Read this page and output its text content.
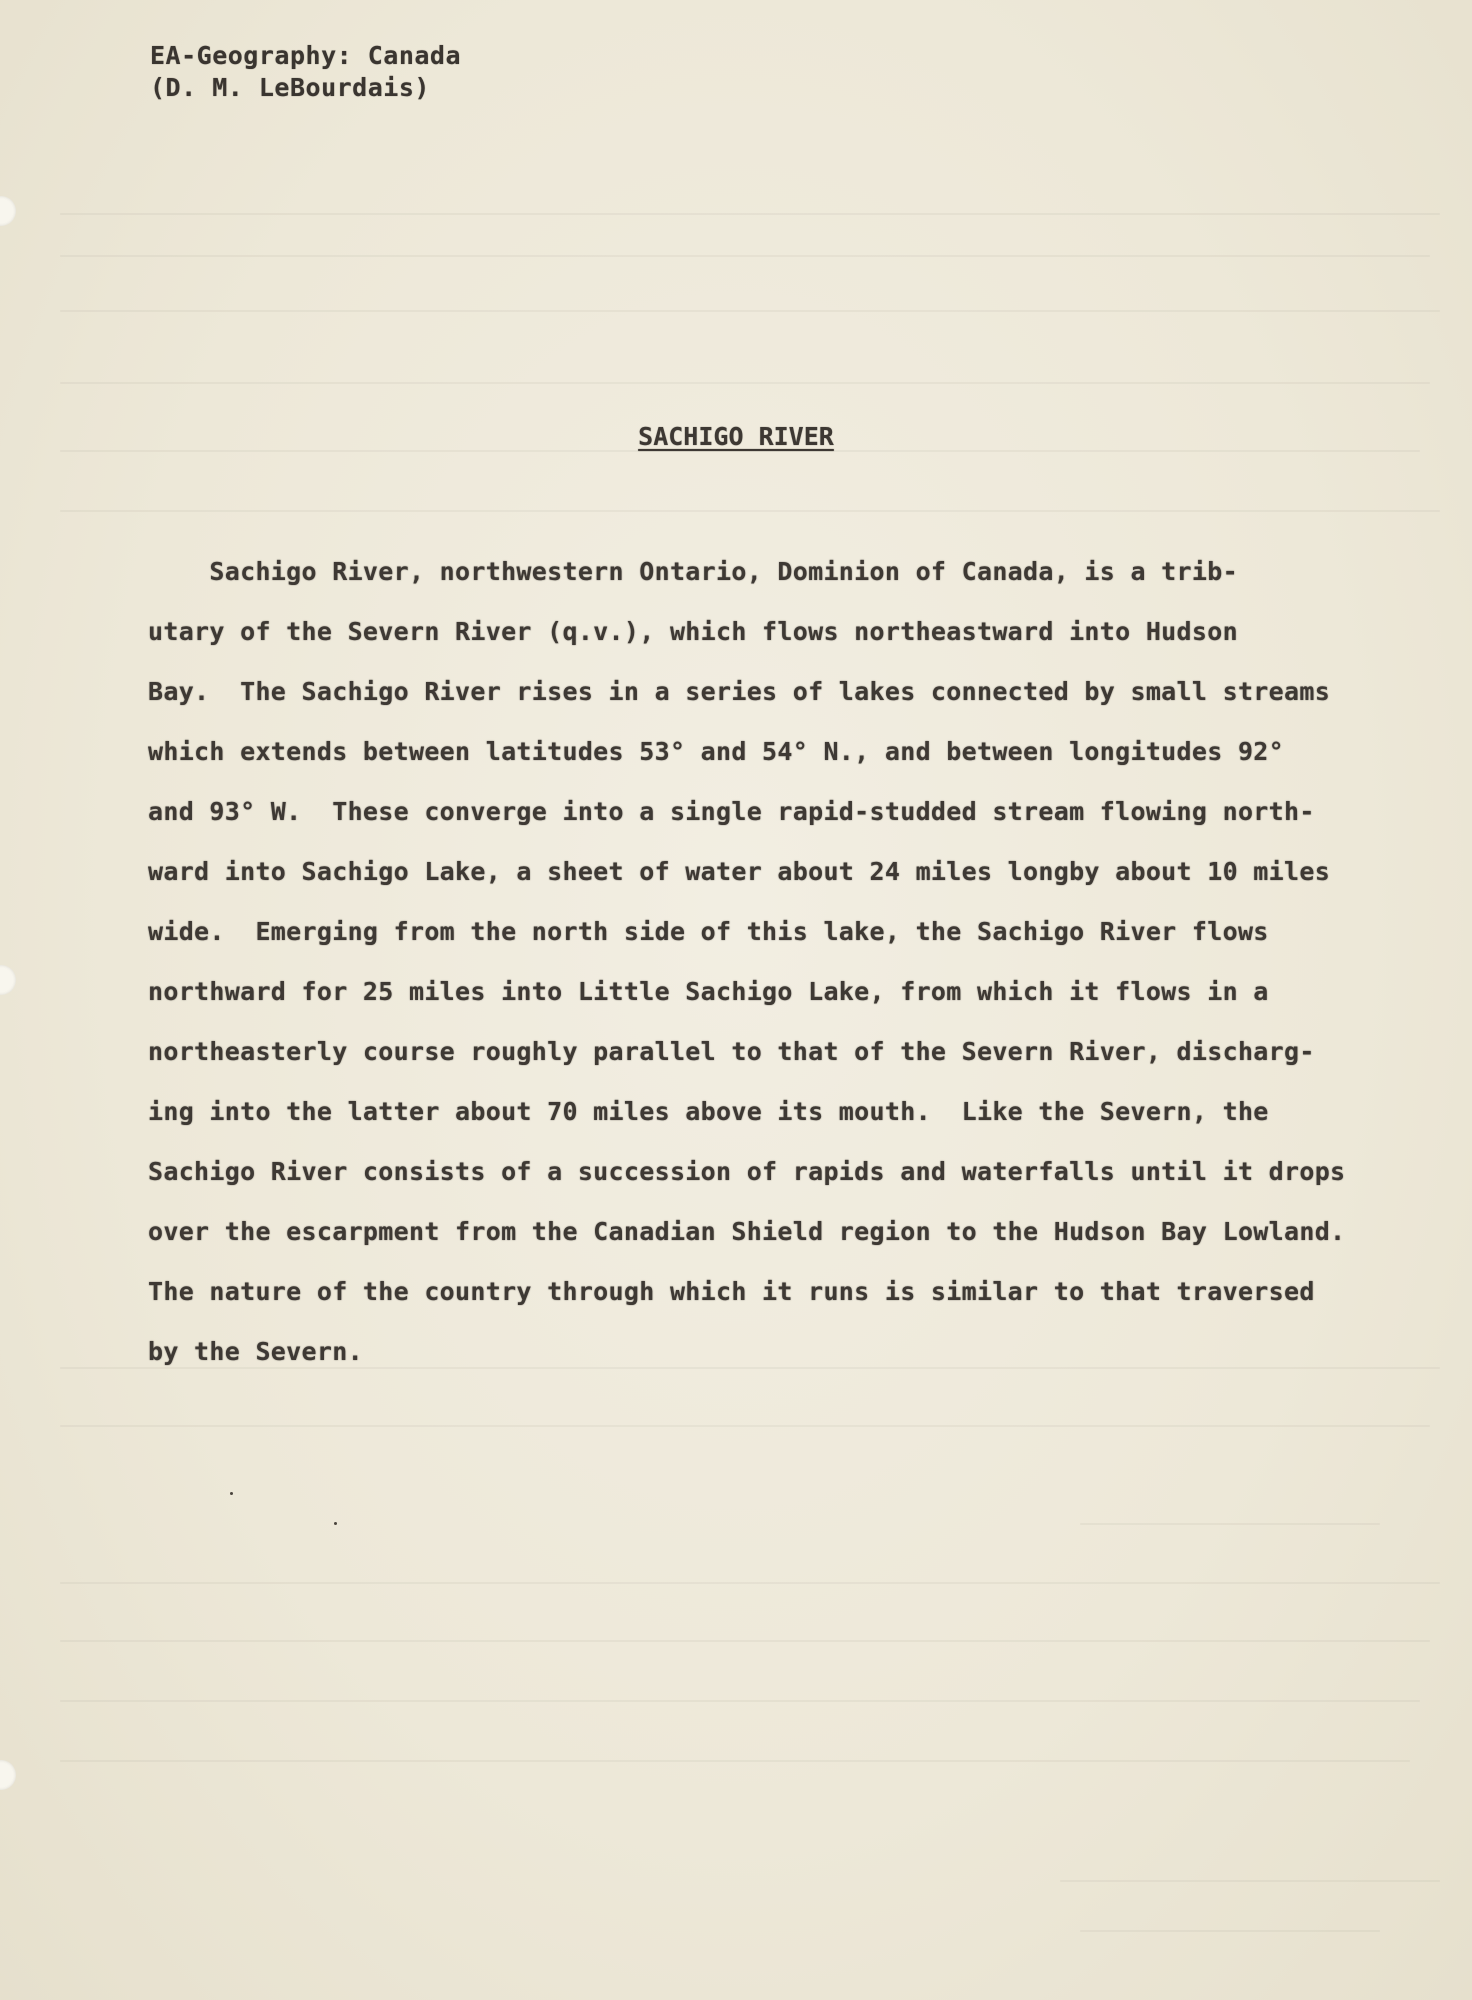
EA-Geography: Canada
(D. M. LeBourdais)
SACHIGO RIVER
Sachigo River, northwestern Ontario, Dominion of Canada, is a trib-
utary of the Severn River (q.v.), which flows northeastward into Hudson
Bay.  The Sachigo River rises in a series of lakes connected by small streams
which extends between latitudes 53° and 54° N., and between longitudes 92°
and 93° W.  These converge into a single rapid-studded stream flowing north-
ward into Sachigo Lake, a sheet of water about 24 miles longby about 10 miles
wide.  Emerging from the north side of this lake, the Sachigo River flows
northward for 25 miles into Little Sachigo Lake, from which it flows in a
northeasterly course roughly parallel to that of the Severn River, discharg-
ing into the latter about 70 miles above its mouth.  Like the Severn, the
Sachigo River consists of a succession of rapids and waterfalls until it drops
over the escarpment from the Canadian Shield region to the Hudson Bay Lowland.
The nature of the country through which it runs is similar to that traversed
by the Severn.
